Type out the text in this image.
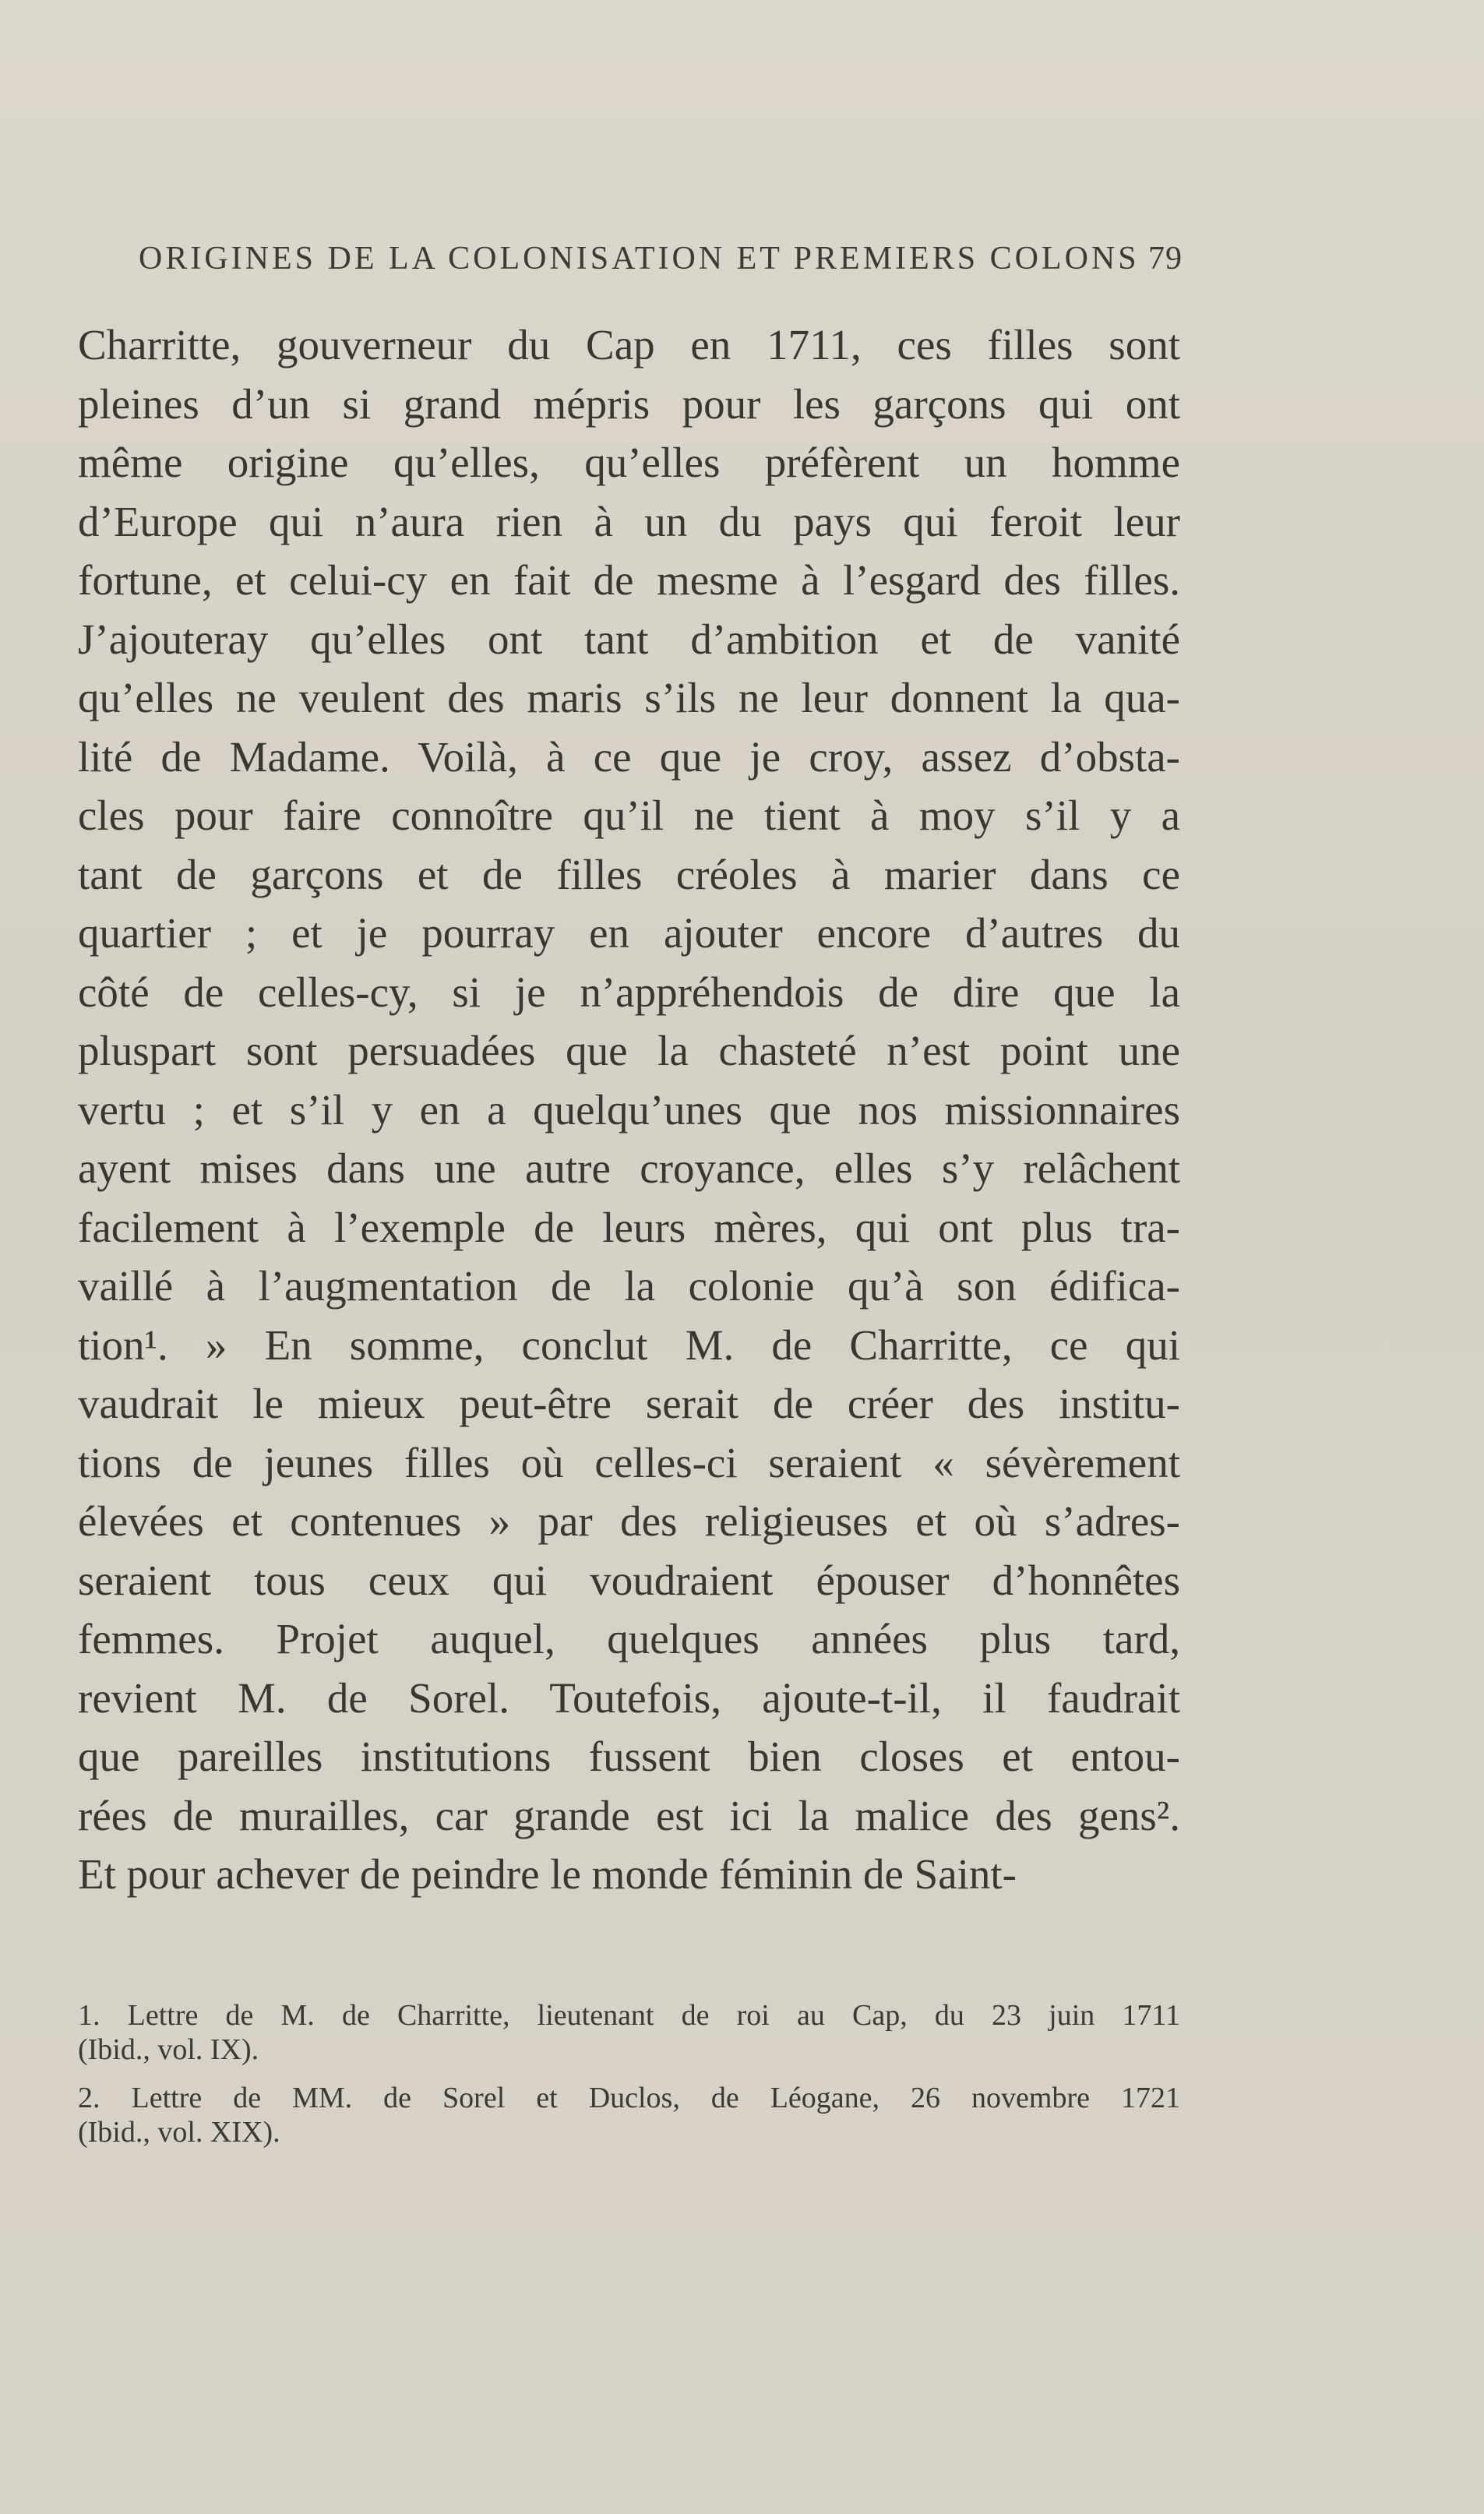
ORIGINES DE LA COLONISATION ET PREMIERS COLONS 79
Charritte, gouverneur du Cap en 1711, ces filles sont
pleines d’un si grand mépris pour les garçons qui ont
même origine qu’elles, qu’elles préfèrent un homme
d’Europe qui n’aura rien à un du pays qui feroit leur
fortune, et celui-cy en fait de mesme à l’esgard des filles.
J’ajouteray qu’elles ont tant d’ambition et de vanité
qu’elles ne veulent des maris s’ils ne leur donnent la qua-
lité de Madame. Voilà, à ce que je croy, assez d’obsta-
cles pour faire connoître qu’il ne tient à moy s’il y a
tant de garçons et de filles créoles à marier dans ce
quartier ; et je pourray en ajouter encore d’autres du
côté de celles-cy, si je n’appréhendois de dire que la
pluspart sont persuadées que la chasteté n’est point une
vertu ; et s’il y en a quelqu’unes que nos missionnaires
ayent mises dans une autre croyance, elles s’y relâchent
facilement à l’exemple de leurs mères, qui ont plus tra-
vaillé à l’augmentation de la colonie qu’à son édifica-
tion¹. » En somme, conclut M. de Charritte, ce qui
vaudrait le mieux peut-être serait de créer des institu-
tions de jeunes filles où celles-ci seraient « sévèrement
élevées et contenues » par des religieuses et où s’adres-
seraient tous ceux qui voudraient épouser d’honnêtes
femmes. Projet auquel, quelques années plus tard,
revient M. de Sorel. Toutefois, ajoute-t-il, il faudrait
que pareilles institutions fussent bien closes et entou-
rées de murailles, car grande est ici la malice des gens².
Et pour achever de peindre le monde féminin de Saint-
1. Lettre de M. de Charritte, lieutenant de roi au Cap, du 23 juin 1711
(Ibid., vol. IX).
2. Lettre de MM. de Sorel et Duclos, de Léogane, 26 novembre 1721
(Ibid., vol. XIX).
